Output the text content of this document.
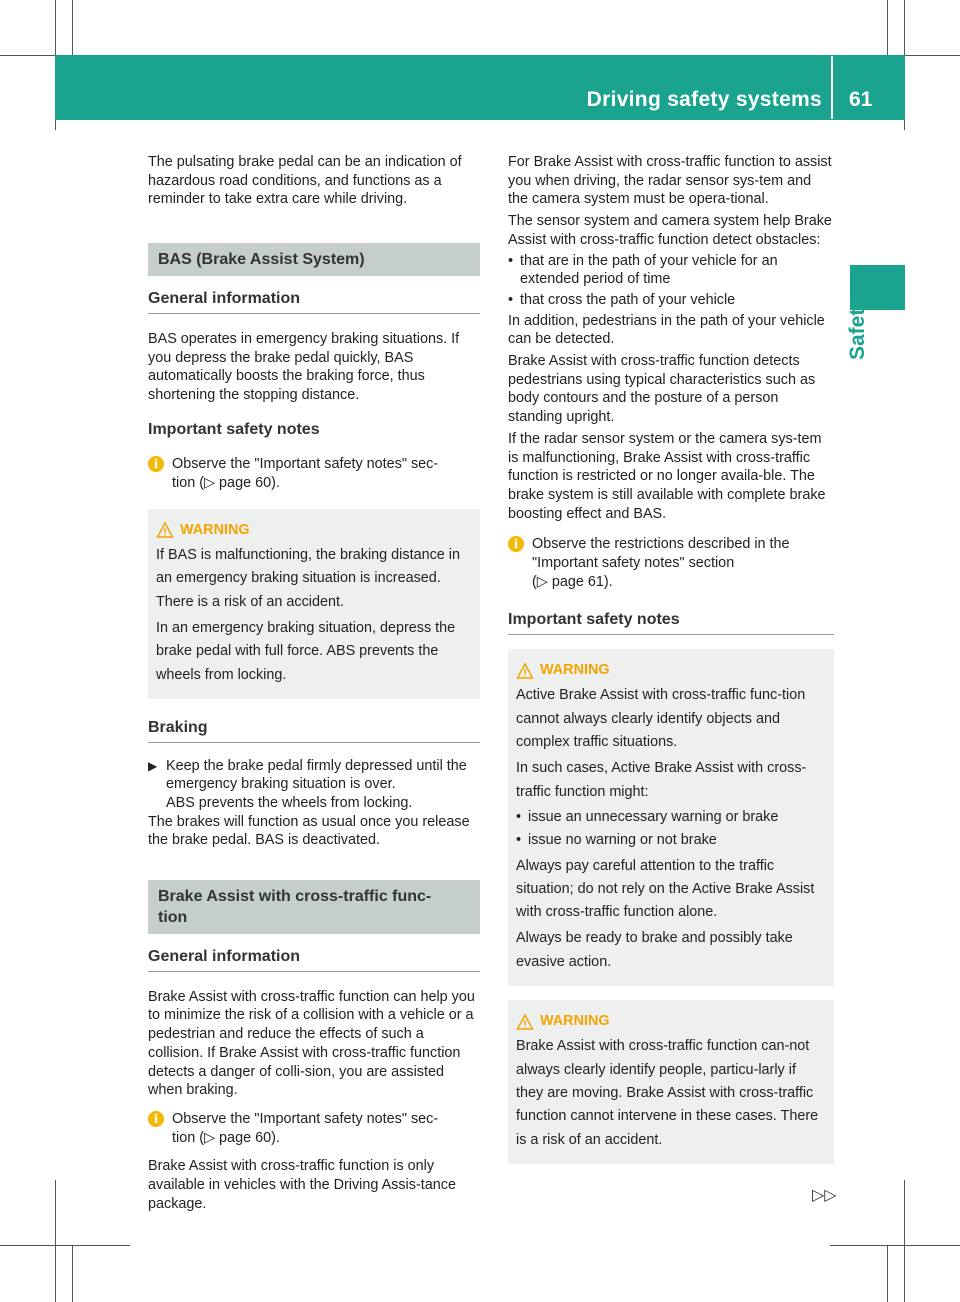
Driving safety systems 61
Safety

The pulsating brake pedal can be an indication of hazardous road conditions, and functions as a reminder to take extra care while driving.

BAS (Brake Assist System)
General information

BAS operates in emergency braking situations. If you depress the brake pedal quickly, BAS automatically boosts the braking force, thus shortening the stopping distance.

Important safety notes
i Observe the "Important safety notes" sec-
tion (▷ page 60).
WARNING

If BAS is malfunctioning, the braking distance in an emergency braking situation is increased. There is a risk of an accident.

In an emergency braking situation, depress the brake pedal with full force. ABS prevents the wheels from locking.

Braking
▶ Keep the brake pedal firmly depressed until the emergency braking situation is over.

ABS prevents the wheels from locking.

The brakes will function as usual once you release the brake pedal. BAS is deactivated.

Brake Assist with cross-traffic func-
tion
General information

Brake Assist with cross-traffic function can help you to minimize the risk of a collision with a vehicle or a pedestrian and reduce the effects of such a collision. If Brake Assist with cross-traffic function detects a danger of colli-sion, you are assisted when braking.

i Observe the "Important safety notes" sec-
tion (▷ page 60).

Brake Assist with cross-traffic function is only available in vehicles with the Driving Assis-tance package.

For Brake Assist with cross-traffic function to assist you when driving, the radar sensor sys-tem and the camera system must be opera-tional.

The sensor system and camera system help Brake Assist with cross-traffic function detect obstacles:

• that are in the path of your vehicle for an extended period of time
• that cross the path of your vehicle

In addition, pedestrians in the path of your vehicle can be detected.

Brake Assist with cross-traffic function detects pedestrians using typical characteristics such as body contours and the posture of a person standing upright.

If the radar sensor system or the camera sys-tem is malfunctioning, Brake Assist with cross-traffic function is restricted or no longer availa-ble. The brake system is still available with complete brake boosting effect and BAS.

i Observe the restrictions described in the
"Important safety notes" section
(▷ page 61).
Important safety notes
WARNING

Active Brake Assist with cross-traffic func-tion cannot always clearly identify objects and complex traffic situations.

In such cases, Active Brake Assist with cross-traffic function might:

• issue an unnecessary warning or brake
• issue no warning or not brake

Always pay careful attention to the traffic situation; do not rely on the Active Brake Assist with cross-traffic function alone.

Always be ready to brake and possibly take evasive action.

WARNING

Brake Assist with cross-traffic function can-not always clearly identify people, particu-larly if they are moving. Brake Assist with cross-traffic function cannot intervene in these cases. There is a risk of an accident.

▷▷
